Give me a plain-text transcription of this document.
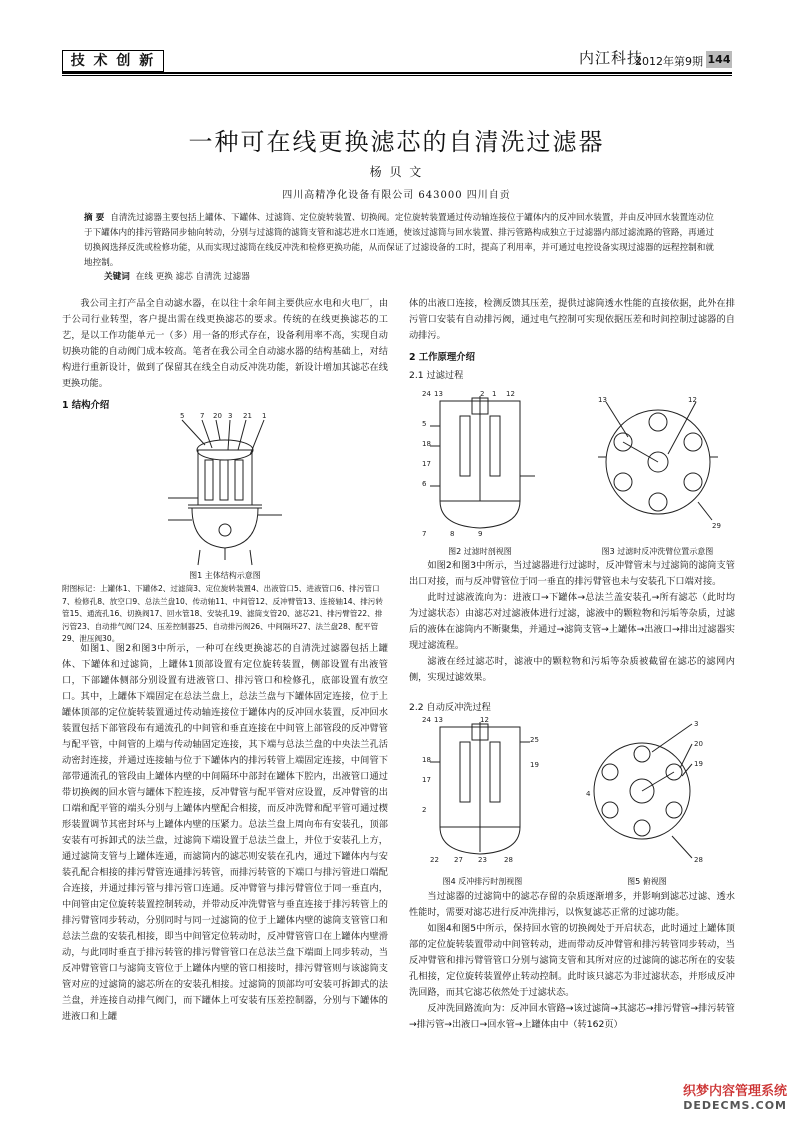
技 术 创 新	内江科技
2012年第9期 144
一种可在线更换滤芯的自清洗过滤器
杨 贝 文
四川高精净化设备有限公司 643000 四川自贡
摘 要 自清洗过滤器主要包括上罐体、下罐体、过滤筒、定位旋转装置、切换阀。定位旋转装置通过传动轴连接位于罐体内的反冲回水装置，并由反冲回水装置连动位于下罐体内的排污管路同步轴向转动，分别与过滤筒的滤筒支管和滤芯进水口连通，使该过滤筒与回水装置、排污管路构成独立于过滤器内部过滤流路的管路，再通过切换阀选择反洗或检修功能，从而实现过滤筒在线反冲洗和检修更换功能，从而保证了过滤设备的工时，提高了利用率，并可通过电控设备实现过滤器的远程控制和就地控制。
关键词 在线 更换 滤芯 自清洗 过滤器

我公司主打产品全自动滤水器，在以往十余年间主要供应水电和火电厂，由于公司行业转型，客户提出需在线更换滤芯的要求。传统的在线更换滤芯的工艺，是以工作功能单元一（多）用一备的形式存在，设备利用率不高，实现自动切换功能的自动阀门成本较高。笔者在我公司全自动滤水器的结构基础上，对结构进行重新设计，做到了保留其在线全自动反冲洗功能，新设计增加其滤芯在线更换功能。

1 结构介绍
5 7 20 3 21 1
图1 主体结构示意图
附图标记：上罐体1、下罐体2、过滤筒3、定位旋转装置4、出液管口5、进液管口6、排污管口7、检修孔8、放空口9、总法兰盘10、传动轴11、中间管12、反冲臂管13、连接轴14、排污转管15、通流孔16、切换阀17、回水管18、安装孔19、滤筒支管20、滤芯21、排污臂管22、排污管23、自动排气阀门24、压差控制器25、自动排污阀26、中间隔环27、法兰盘28、配平管29、泄压阀30。

如图1、图2和图3中所示，一种可在线更换滤芯的自清洗过滤器包括上罐体、下罐体和过滤筒，上罐体1顶部设置有定位旋转装置，侧部设置有出液管口，下部罐体侧部分别设置有进液管口、排污管口和检修孔，底部设置有放空口。其中，上罐体下端固定在总法兰盘上，总法兰盘与下罐体固定连接，位于上罐体顶部的定位旋转装置通过传动轴连接位于罐体内的反冲回水装置，反冲回水装置包括下部管段布有通流孔的中间管和垂直连接在中间管上部管段的反冲臂管与配平管，中间管的上端与传动轴固定连接，其下端与总法兰盘的中央法兰孔活动密封连接，并通过连接轴与位于下罐体内的排污转管上端固定连接，中间管下部带通流孔的管段由上罐体内壁的中间隔环中部封在罐体下腔内，出液管口通过带切换阀的回水管与罐体下腔连接，反冲臂管与配平管对应设置，反冲臂管的出口端和配平管的端头分别与上罐体内壁配合相接，而反冲洗臂和配平管可通过楔形装置调节其密封环与上罐体内壁的压紧力。总法兰盘上周向布有安装孔，顶部安装有可拆卸式的法兰盘，过滤筒下端设置于总法兰盘上，并位于安装孔上方，通过滤筒支管与上罐体连通，而滤筒内的滤芯则安装在孔内，通过下罐体内与安装孔配合相接的排污臂管连通排污转管，而排污转管的下端口与排污管进口端配合连接，并通过排污管与排污管口连通。反冲臂管与排污臂管位于同一垂直内，中间管由定位旋转装置控制转动，并带动反冲洗臂管与垂直连接于排污转管上的排污臂管同步转动，分别同时与同一过滤筒的位于上罐体内壁的滤筒支管管口和总法兰盘的安装孔相接，即当中间管定位转动时，反冲臂管管口在上罐体内壁滑动，与此同时垂直于排污转管的排污臂管管口在总法兰盘下端面上同步转动，当反冲臂管管口与滤筒支管位于上罐体内壁的管口相接时，排污臂管则与该滤筒支管对应的过滤筒的滤芯所在的安装孔相接。过滤筒的顶部均可安装可拆卸式的法兰盘，并连接自动排气阀门，而下罐体上可安装有压差控制器，分别与下罐体的进液口和上罐

体的出液口连接，检测反馈其压差，提供过滤筒透水性能的直接依据，此外在排污管口安装有自动排污阀，通过电气控制可实现依据压差和时间控制过滤器的自动排污。

2 工作原理介绍
2.1 过滤过程
24 13	2 1 12
5
18
17
6
7	8	9
13	12
29
图2 过滤时剖视图	图3 过滤时反冲洗臂位置示意图

如图2和图3中所示，当过滤器进行过滤时，反冲臂管末与过滤筒的滤筒支管出口对接，而与反冲臂管位于同一垂直的排污臂管也未与安装孔下口端对接。

此时过滤液流向为：进液口→下罐体→总法兰盖安装孔→所有滤芯（此时均为过滤状态）由滤芯对过滤液体进行过滤，滤液中的颗粒物和污垢等杂质，过滤后的液体在滤筒内不断聚集，并通过→滤筒支管→上罐体→出液口→排出过滤器实现过滤流程。

滤液在经过滤芯时，滤液中的颗粒物和污垢等杂质被截留在滤芯的滤网内侧，实现过滤效果。

2.2 自动反冲洗过程
24 13	12
25
19
18
17
2
22 27 23 28
3
20
19
4
28
图4 反冲排污时剖视图	图5 俯视图

当过滤器的过滤筒中的滤芯存留的杂质逐渐增多，并影响到滤芯过滤、透水性能时，需要对滤芯进行反冲洗排污，以恢复滤芯正常的过滤功能。

如图4和图5中所示，保持回水管的切换阀处于开启状态，此时通过上罐体顶部的定位旋转装置带动中间管转动，进而带动反冲臂管和排污转管同步转动，当反冲臂管和排污臂管管口分别与滤筒支管和其所对应的过滤筒的滤芯所在的安装孔相接，定位旋转装置停止转动控制。此时该只滤芯为非过滤状态，并形成反冲洗回路，而其它滤芯依然处于过滤状态。

反冲洗回路流向为：反冲回水管路→该过滤筒→其滤芯→排污臂管→排污转管→排污管→出液口→回水管→上罐体由中（转162页）

织梦内容管理系统
DEDECMS.COM
